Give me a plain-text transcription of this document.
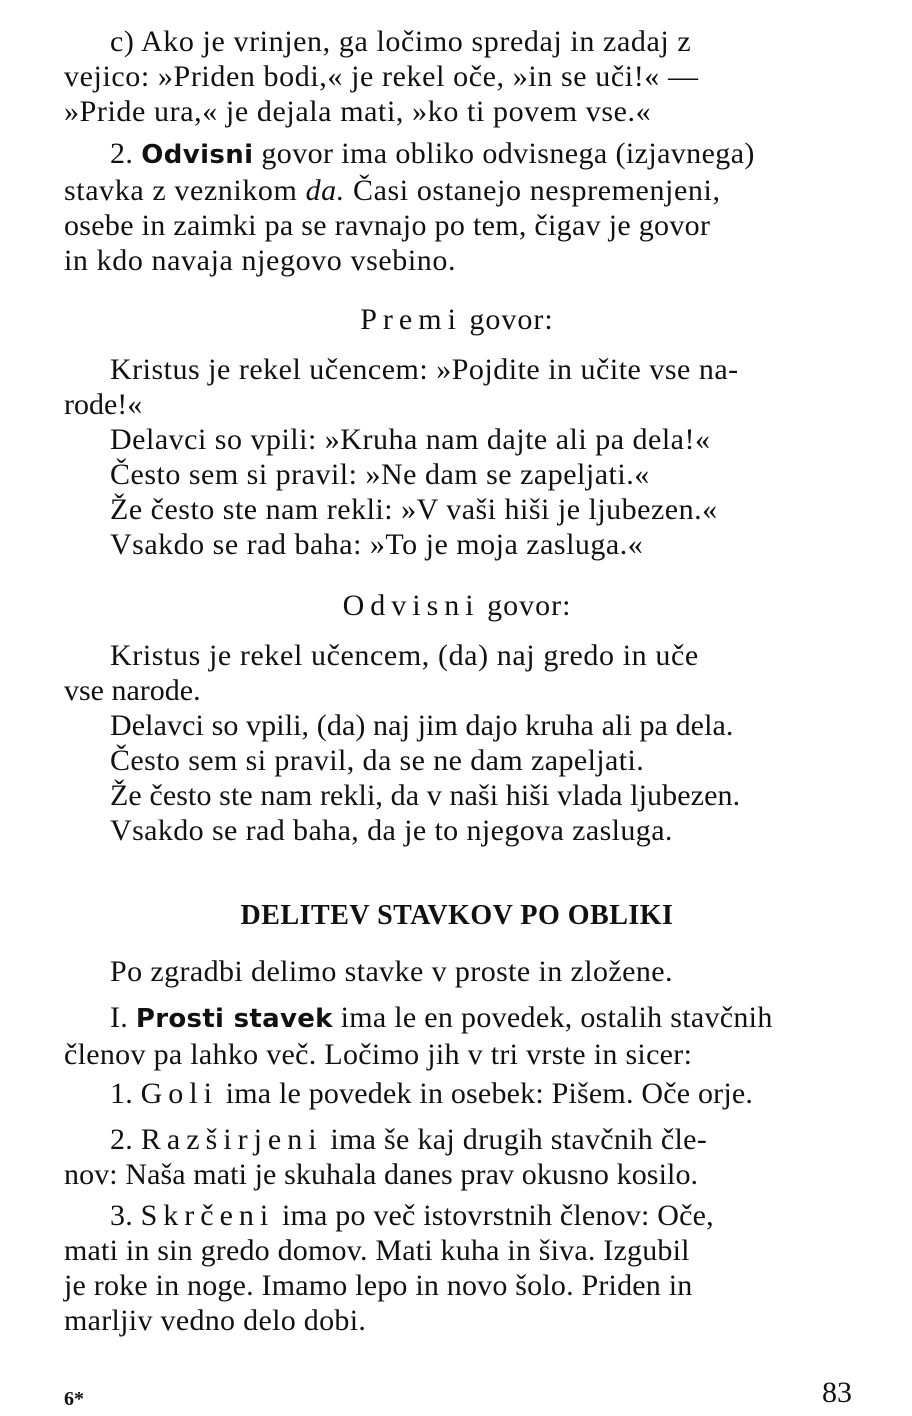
c) Ako je vrinjen, ga ločimo spredaj in zadaj z
vejico: »Priden bodi,« je rekel oče, »in se uči!« —
»Pride ura,« je dejala mati, »ko ti povem vse.«
2. Odvisni govor ima obliko odvisnega (izjavnega)
stavka z veznikom da. Časi ostanejo nespremenjeni,
osebe in zaimki pa se ravnajo po tem, čigav je govor
in kdo navaja njegovo vsebino.
Premi govor:
Kristus je rekel učencem: »Pojdite in učite vse na-
rode!«
Delavci so vpili: »Kruha nam dajte ali pa dela!«
Često sem si pravil: »Ne dam se zapeljati.«
Že često ste nam rekli: »V vaši hiši je ljubezen.«
Vsakdo se rad baha: »To je moja zasluga.«
Odvisni govor:
Kristus je rekel učencem, (da) naj gredo in uče
vse narode.
Delavci so vpili, (da) naj jim dajo kruha ali pa dela.
Često sem si pravil, da se ne dam zapeljati.
Že često ste nam rekli, da v naši hiši vlada ljubezen.
Vsakdo se rad baha, da je to njegova zasluga.
DELITEV STAVKOV PO OBLIKI
Po zgradbi delimo stavke v proste in zložene.
I. Prosti stavek ima le en povedek, ostalih stavčnih
členov pa lahko več. Ločimo jih v tri vrste in sicer:
1. Goli ima le povedek in osebek: Pišem. Oče orje.
2. Razširjeni ima še kaj drugih stavčnih čle-
nov: Naša mati je skuhala danes prav okusno kosilo.
3. Skrčeni ima po več istovrstnih členov: Oče,
mati in sin gredo domov. Mati kuha in šiva. Izgubil
je roke in noge. Imamo lepo in novo šolo. Priden in
marljiv vedno delo dobi.
6*	83
